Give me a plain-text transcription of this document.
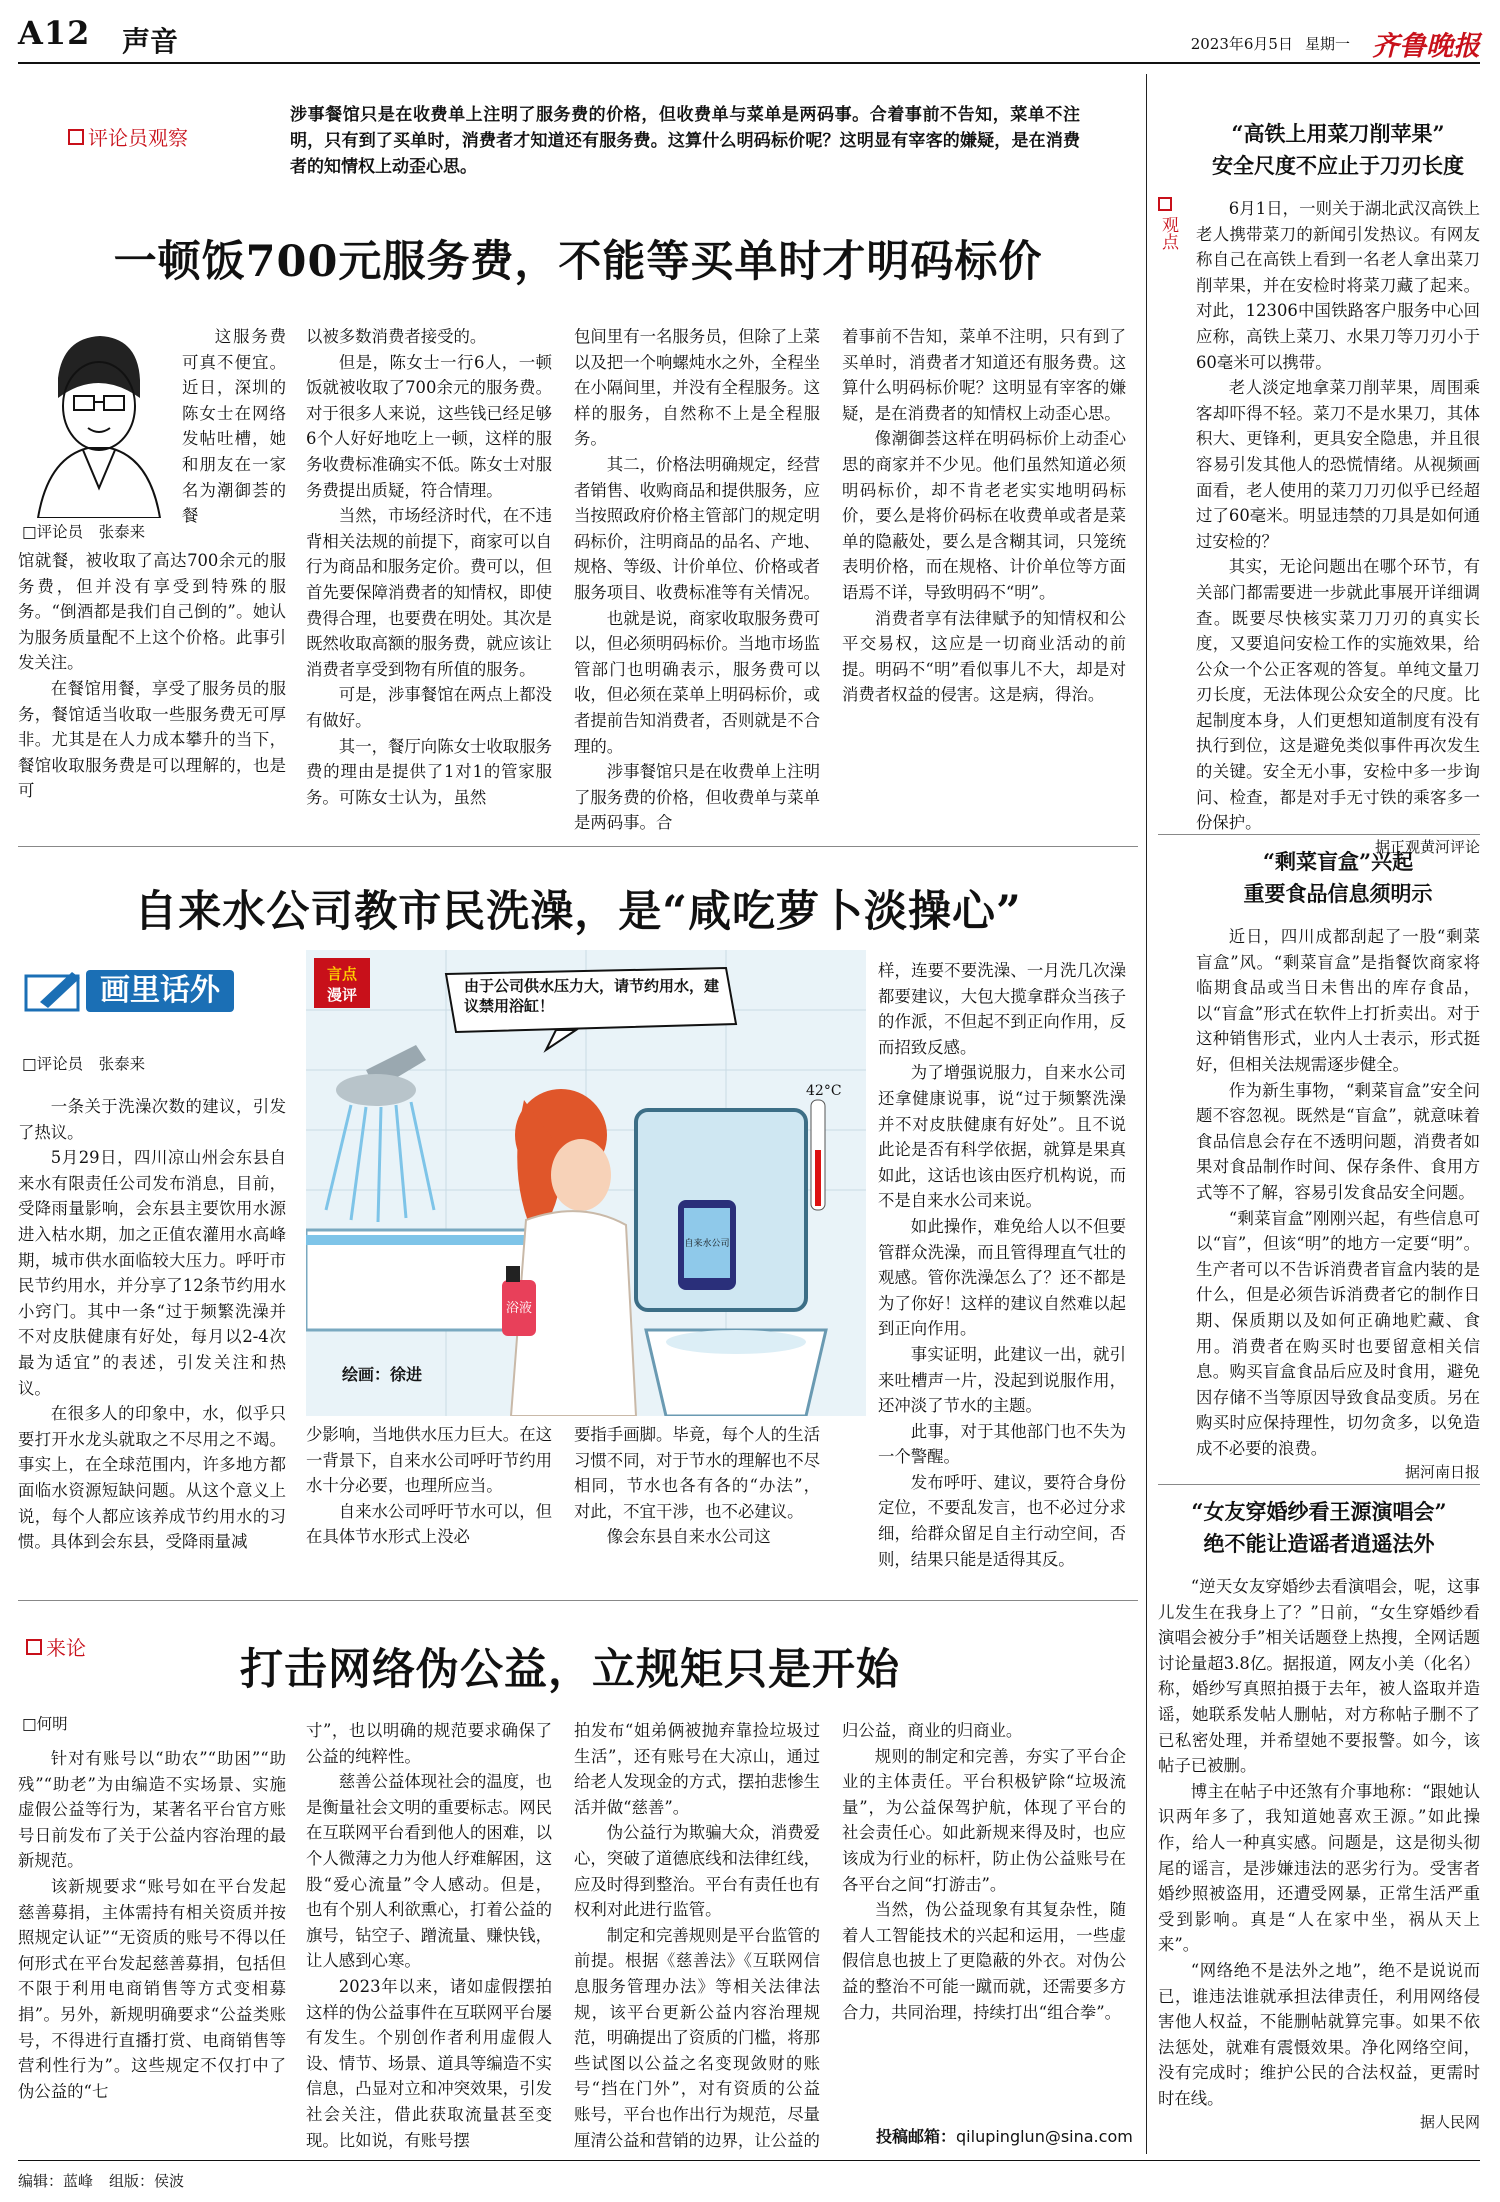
A12 声音	2023年6月5日 星期一 齐鲁晚报
评论员观察
涉事餐馆只是在收费单上注明了服务费的价格，但收费单与菜单是两码事。合着事前不告知，菜单不注明，只有到了买单时，消费者才知道还有服务费。这算什么明码标价呢？这明显有宰客的嫌疑，是在消费者的知情权上动歪心思。
一顿饭700元服务费，不能等买单时才明码标价
□评论员　张泰来

这服务费可真不便宜。近日，深圳的陈女士在网络发帖吐槽，她和朋友在一家名为潮御荟的餐

馆就餐，被收取了高达700余元的服务费，但并没有享受到特殊的服务。“倒酒都是我们自己倒的”。她认为服务质量配不上这个价格。此事引发关注。

在餐馆用餐，享受了服务员的服务，餐馆适当收取一些服务费无可厚非。尤其是在人力成本攀升的当下，餐馆收取服务费是可以理解的，也是可

以被多数消费者接受的。

但是，陈女士一行6人，一顿饭就被收取了700余元的服务费。对于很多人来说，这些钱已经足够6个人好好地吃上一顿，这样的服务收费标准确实不低。陈女士对服务费提出质疑，符合情理。

当然，市场经济时代，在不违背相关法规的前提下，商家可以自行为商品和服务定价。费可以，但首先要保障消费者的知情权，即使费得合理，也要费在明处。其次是既然收取高额的服务费，就应该让消费者享受到物有所值的服务。

可是，涉事餐馆在两点上都没有做好。

其一，餐厅向陈女士收取服务费的理由是提供了1对1的管家服务。可陈女士认为，虽然

包间里有一名服务员，但除了上菜以及把一个响螺炖水之外，全程坐在小隔间里，并没有全程服务。这样的服务，自然称不上是全程服务。

其二，价格法明确规定，经营者销售、收购商品和提供服务，应当按照政府价格主管部门的规定明码标价，注明商品的品名、产地、规格、等级、计价单位、价格或者服务项目、收费标准等有关情况。

也就是说，商家收取服务费可以，但必须明码标价。当地市场监管部门也明确表示，服务费可以收，但必须在菜单上明码标价，或者提前告知消费者，否则就是不合理的。

涉事餐馆只是在收费单上注明了服务费的价格，但收费单与菜单是两码事。合

着事前不告知，菜单不注明，只有到了买单时，消费者才知道还有服务费。这算什么明码标价呢？这明显有宰客的嫌疑，是在消费者的知情权上动歪心思。

像潮御荟这样在明码标价上动歪心思的商家并不少见。他们虽然知道必须明码标价，却不肯老老实实地明码标价，要么是将价码标在收费单或者是菜单的隐蔽处，要么是含糊其词，只笼统表明价格，而在规格、计价单位等方面语焉不详，导致明码不“明”。

消费者享有法律赋予的知情权和公平交易权，这应是一切商业活动的前提。明码不“明”看似事儿不大，却是对消费者权益的侵害。这是病，得治。

自来水公司教市民洗澡，是“咸吃萝卜淡操心”
画里话外
□评论员　张泰来

一条关于洗澡次数的建议，引发了热议。

5月29日，四川凉山州会东县自来水有限责任公司发布消息，目前，受降雨量影响，会东县主要饮用水源进入枯水期，加之正值农灌用水高峰期，城市供水面临较大压力。呼吁市民节约用水，并分享了12条节约用水小窍门。其中一条“过于频繁洗澡并不对皮肤健康有好处，每月以2-4次最为适宜”的表述，引发关注和热议。

在很多人的印象中，水，似乎只要打开水龙头就取之不尽用之不竭。事实上，在全球范围内，许多地方都面临水资源短缺问题。从这个意义上说，每个人都应该养成节约用水的习惯。具体到会东县，受降雨量减

浴液
自来水公司
42°C
言点
漫评	由于公司供水压力大，请节约用水，建议禁用浴缸！
绘画：徐进

少影响，当地供水压力巨大。在这一背景下，自来水公司呼吁节约用水十分必要，也理所应当。

自来水公司呼吁节水可以，但在具体节水形式上没必

要指手画脚。毕竟，每个人的生活习惯不同，对于节水的理解也不尽相同，节水也各有各的“办法”，对此，不宜干涉，也不必建议。

像会东县自来水公司这

样，连要不要洗澡、一月洗几次澡都要建议，大包大揽拿群众当孩子的作派，不但起不到正向作用，反而招致反感。

为了增强说服力，自来水公司还拿健康说事，说“过于频繁洗澡并不对皮肤健康有好处”。且不说此论是否有科学依据，就算是果真如此，这话也该由医疗机构说，而不是自来水公司来说。

如此操作，难免给人以不但要管群众洗澡，而且管得理直气壮的观感。管你洗澡怎么了？还不都是为了你好！这样的建议自然难以起到正向作用。

事实证明，此建议一出，就引来吐槽声一片，没起到说服作用，还冲淡了节水的主题。

此事，对于其他部门也不失为一个警醒。

发布呼吁、建议，要符合身份定位，不要乱发言，也不必过分求细，给群众留足自主行动空间，否则，结果只能是适得其反。

来论	打击网络伪公益，立规矩只是开始
□何明

针对有账号以“助农”“助困”“助残”“助老”为由编造不实场景、实施虚假公益等行为，某著名平台官方账号日前发布了关于公益内容治理的最新规范。

该新规要求“账号如在平台发起慈善募捐，主体需持有相关资质并按照规定认证”“无资质的账号不得以任何形式在平台发起慈善募捐，包括但不限于利用电商销售等方式变相募捐”。另外，新规明确要求“公益类账号，不得进行直播打赏、电商销售等营利性行为”。这些规定不仅打中了伪公益的“七

寸”，也以明确的规范要求确保了公益的纯粹性。

慈善公益体现社会的温度，也是衡量社会文明的重要标志。网民在互联网平台看到他人的困难，以个人微薄之力为他人纾难解困，这股“爱心流量”令人感动。但是，也有个别人利欲熏心，打着公益的旗号，钻空子、蹭流量、赚快钱，让人感到心寒。

2023年以来，诸如虚假摆拍这样的伪公益事件在互联网平台屡有发生。个别创作者利用虚假人设、情节、场景、道具等编造不实信息，凸显对立和冲突效果，引发社会关注，借此获取流量甚至变现。比如说，有账号摆

拍发布“姐弟俩被抛弃靠捡垃圾过生活”，还有账号在大凉山，通过给老人发现金的方式，摆拍悲惨生活并做“慈善”。

伪公益行为欺骗大众，消费爱心，突破了道德底线和法律红线，应及时得到整治。平台有责任也有权利对此进行监管。

制定和完善规则是平台监管的前提。根据《慈善法》《互联网信息服务管理办法》等相关法律法规，该平台更新公益内容治理规范，明确提出了资质的门槛，将那些试图以公益之名变现敛财的账号“挡在门外”，对有资质的公益账号，平台也作出行为规范，尽量厘清公益和营销的边界，让公益的

归公益，商业的归商业。

规则的制定和完善，夯实了平台企业的主体责任。平台积极铲除“垃圾流量”，为公益保驾护航，体现了平台的社会责任心。如此新规来得及时，也应该成为行业的标杆，防止伪公益账号在各平台之间“打游击”。

当然，伪公益现象有其复杂性，随着人工智能技术的兴起和运用，一些虚假信息也披上了更隐蔽的外衣。对伪公益的整治不可能一蹴而就，还需要多方合力，共同治理，持续打出“组合拳”。

投稿邮箱：qilupinglun@sina.com
观点
“高铁上用菜刀削苹果”
安全尺度不应止于刀刃长度

6月1日，一则关于湖北武汉高铁上老人携带菜刀的新闻引发热议。有网友称自己在高铁上看到一名老人拿出菜刀削苹果，并在安检时将菜刀藏了起来。对此，12306中国铁路客户服务中心回应称，高铁上菜刀、水果刀等刀刃小于60毫米可以携带。

老人淡定地拿菜刀削苹果，周围乘客却吓得不轻。菜刀不是水果刀，其体积大、更锋利，更具安全隐患，并且很容易引发其他人的恐慌情绪。从视频画面看，老人使用的菜刀刀刃似乎已经超过了60毫米。明显违禁的刀具是如何通过安检的？

其实，无论问题出在哪个环节，有关部门都需要进一步就此事展开详细调查。既要尽快核实菜刀刀刃的真实长度，又要追问安检工作的实施效果，给公众一个公正客观的答复。单纯文量刀刃长度，无法体现公众安全的尺度。比起制度本身，人们更想知道制度有没有执行到位，这是避免类似事件再次发生的关键。安全无小事，安检中多一步询问、检查，都是对手无寸铁的乘客多一份保护。

据正观黄河评论
“剩菜盲盒”兴起
重要食品信息须明示

近日，四川成都刮起了一股“剩菜盲盒”风。“剩菜盲盒”是指餐饮商家将临期食品或当日未售出的库存食品，以“盲盒”形式在软件上打折卖出。对于这种销售形式，业内人士表示，形式挺好，但相关法规需逐步健全。

作为新生事物，“剩菜盲盒”安全问题不容忽视。既然是“盲盒”，就意味着食品信息会存在不透明问题，消费者如果对食品制作时间、保存条件、食用方式等不了解，容易引发食品安全问题。

“剩菜盲盒”刚刚兴起，有些信息可以“盲”，但该“明”的地方一定要“明”。生产者可以不告诉消费者盲盒内装的是什么，但是必须告诉消费者它的制作日期、保质期以及如何正确地贮藏、食用。消费者在购买时也要留意相关信息。购买盲盒食品后应及时食用，避免因存储不当等原因导致食品变质。另在购买时应保持理性，切勿贪多，以免造成不必要的浪费。

据河南日报
“女友穿婚纱看王源演唱会”
绝不能让造谣者逍遥法外

“逆天女友穿婚纱去看演唱会，呢，这事儿发生在我身上了？”日前，“女生穿婚纱看演唱会被分手”相关话题登上热搜，全网话题讨论量超3.8亿。据报道，网友小美（化名）称，婚纱写真照拍摄于去年，被人盗取并造谣，她联系发帖人删帖，对方称帖子删不了已私密处理，并希望她不要报警。如今，该帖子已被删。

博主在帖子中还煞有介事地称：“跟她认识两年多了，我知道她喜欢王源。”如此操作，给人一种真实感。问题是，这是彻头彻尾的谣言，是涉嫌违法的恶劣行为。受害者婚纱照被盗用，还遭受网暴，正常生活严重受到影响。真是“人在家中坐，祸从天上来”。

“网络绝不是法外之地”，绝不是说说而已，谁违法谁就承担法律责任，利用网络侵害他人权益，不能删帖就算完事。如果不依法惩处，就难有震慑效果。净化网络空间，没有完成时；维护公民的合法权益，更需时时在线。

据人民网
编辑：蓝峰 组版：侯波
